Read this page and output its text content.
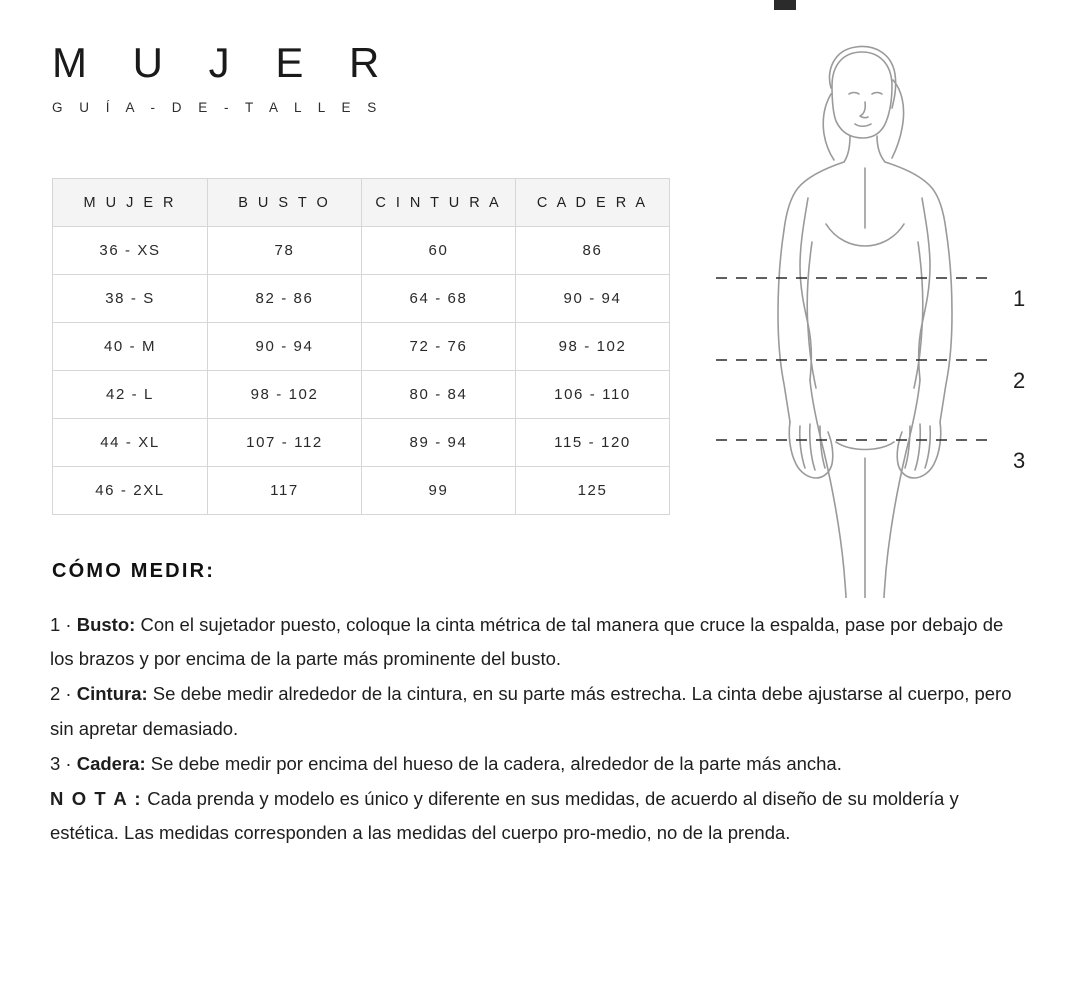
M U J E R
G U Í A - D E - T A L L E S
M U J E R	B U S T O	C I N T U R A	C A D E R A
36 - XS	78	60	86
38 - S	82 - 86	64 - 68	90 - 94
40 - M	90 - 94	72 - 76	98 - 102
42 - L	98 - 102	80 - 84	106 - 110
44 - XL	107 - 112	89 - 94	115 - 120
46 - 2XL	117	99	125
1
2
3
CÓMO MEDIR:

1 · Busto: Con el sujetador puesto, coloque la cinta métrica de tal manera que cruce la espalda, pase por debajo de los brazos y por encima de la parte más prominente del busto.

2 · Cintura: Se debe medir alrededor de la cintura, en su parte más estrecha. La cinta debe ajustarse al cuerpo, pero sin apretar demasiado.

3 · Cadera: Se debe medir por encima del hueso de la cadera, alrededor de la parte más ancha.

N O T A : Cada prenda y modelo es único y diferente en sus medidas, de acuerdo al diseño de su moldería y estética. Las medidas corresponden a las medidas del cuerpo pro-medio, no de la prenda.
